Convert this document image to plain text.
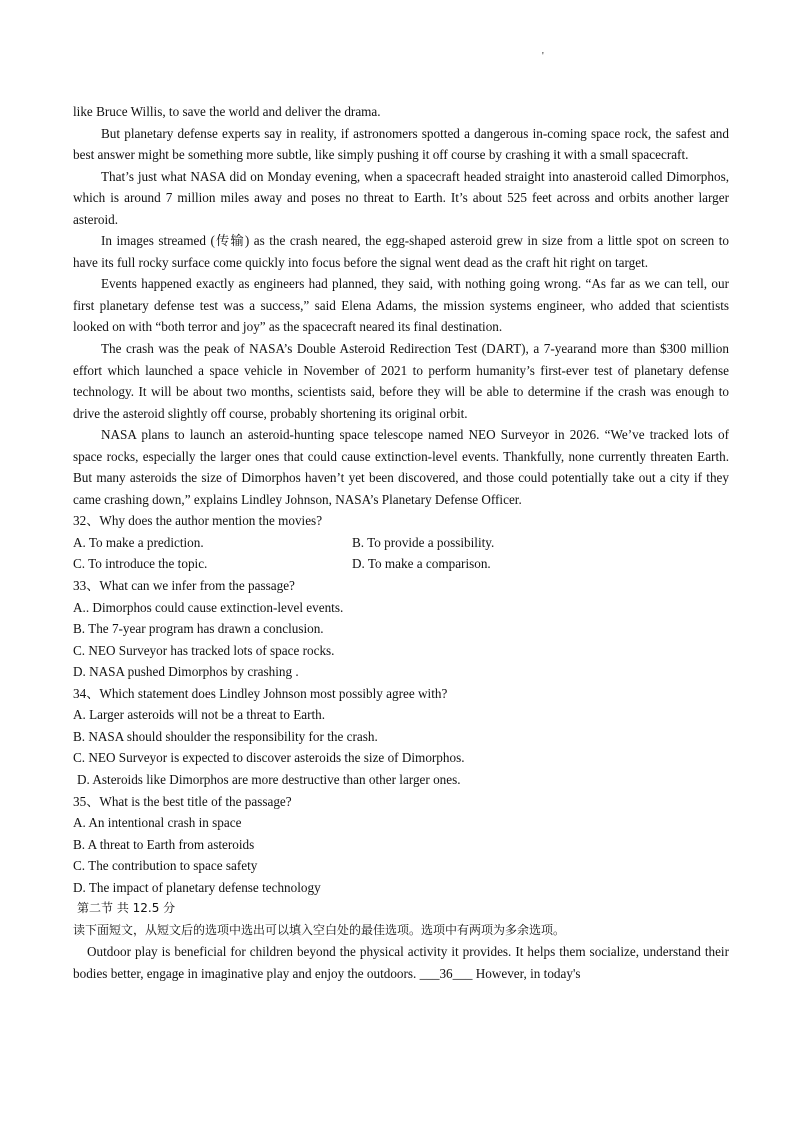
'

like Bruce Willis, to save the world and deliver the drama.

But planetary defense experts say in reality, if astronomers spotted a dangerous in-coming space rock, the safest and best answer might be something more subtle, like simply pushing it off course by crashing it with a small spacecraft.

That’s just what NASA did on Monday evening, when a spacecraft headed straight into anasteroid called Dimorphos, which is around 7 million miles away and poses no threat to Earth. It’s about 525 feet across and orbits another larger asteroid.

In images streamed (传输) as the crash neared, the egg-shaped asteroid grew in size from a little spot on screen to have its full rocky surface come quickly into focus before the signal went dead as the craft hit right on target.

Events happened exactly as engineers had planned, they said, with nothing going wrong. “As far as we can tell, our first planetary defense test was a success,” said Elena Adams, the mission systems engineer, who added that scientists looked on with “both terror and joy” as the spacecraft neared its final destination.

The crash was the peak of NASA’s Double Asteroid Redirection Test (DART), a 7-yearand more than $300 million effort which launched a space vehicle in November of 2021 to perform humanity’s first-ever test of planetary defense technology. It will be about two months, scientists said, before they will be able to determine if the crash was enough to drive the asteroid slightly off course, probably shortening its original orbit.

NASA plans to launch an asteroid-hunting space telescope named NEO Surveyor in 2026. “We’ve tracked lots of space rocks, especially the larger ones that could cause extinction-level events. Thankfully, none currently threaten Earth. But many asteroids the size of Dimorphos haven’t yet been discovered, and those could potentially take out a city if they came crashing down,” explains Lindley Johnson, NASA’s Planetary Defense Officer.

32、Why does the author mention the movies?

A. To make a prediction.	B. To provide a possibility.
C. To introduce the topic.	D. To make a comparison.

33、What can we infer from the passage?

A.. Dimorphos could cause extinction-level events.

B. The 7-year program has drawn a conclusion.

C. NEO Surveyor has tracked lots of space rocks.

D. NASA pushed Dimorphos by crashing .

34、Which statement does Lindley Johnson most possibly agree with?

A. Larger asteroids will not be a threat to Earth.

B. NASA should shoulder the responsibility for the crash.

C. NEO Surveyor is expected to discover asteroids the size of Dimorphos.

D. Asteroids like Dimorphos are more destructive than other larger ones.

35、What is the best title of the passage?

A. An intentional crash in space

B. A threat to Earth from asteroids

C. The contribution to space safety

D. The impact of planetary defense technology

第二节 共 12.5 分

读下面短文，从短文后的选项中选出可以填入空白处的最佳选项。选项中有两项为多余选项。

Outdoor play is beneficial for children beyond the physical activity it provides. It helps them socialize, understand their bodies better, engage in imaginative play and enjoy the outdoors. ___36___ However, in today's
